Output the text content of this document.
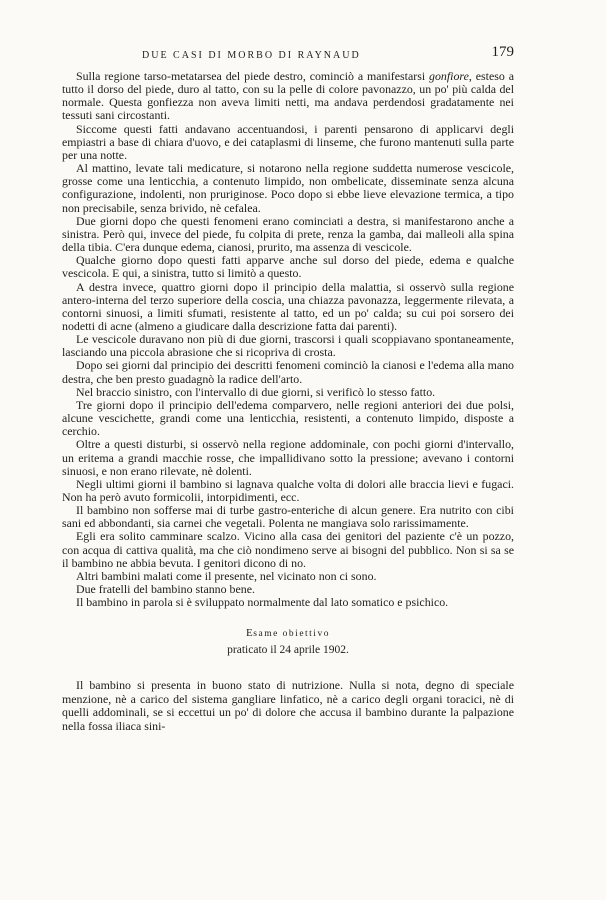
DUE CASI DI MORBO DI RAYNAUD	179

Sulla regione tarso-metatarsea del piede destro, cominciò a manifestarsi gonfiore, esteso a tutto il dorso del piede, duro al tatto, con su la pelle di colore pavonazzo, un po' più calda del normale. Questa gonfiezza non aveva limiti netti, ma andava perdendosi gradatamente nei tessuti sani circostanti.

Siccome questi fatti andavano accentuandosi, i parenti pensarono di applicarvi degli empiastri a base di chiara d'uovo, e dei cataplasmi di linseme, che furono mantenuti sulla parte per una notte.

Al mattino, levate tali medicature, si notarono nella regione suddetta numerose vescicole, grosse come una lenticchia, a contenuto limpido, non ombelicate, disseminate senza alcuna configurazione, indolenti, non pruriginose. Poco dopo si ebbe lieve elevazione termica, a tipo non precisabile, senza brivido, nè cefalea.

Due giorni dopo che questi fenomeni erano cominciati a destra, si manifestarono anche a sinistra. Però qui, invece del piede, fu colpita di prete, renza la gamba, dai malleoli alla spina della tibia. C'era dunque edema, cianosi, prurito, ma assenza di vescicole.

Qualche giorno dopo questi fatti apparve anche sul dorso del piede, edema e qualche vescicola. E qui, a sinistra, tutto si limitò a questo.

A destra invece, quattro giorni dopo il principio della malattia, si osservò sulla regione antero-interna del terzo superiore della coscia, una chiazza pavonazza, leggermente rilevata, a contorni sinuosi, a limiti sfumati, resistente al tatto, ed un po' calda; su cui poi sorsero dei nodetti di acne (almeno a giudicare dalla descrizione fatta dai parenti).

Le vescicole duravano non più di due giorni, trascorsi i quali scoppiavano spontaneamente, lasciando una piccola abrasione che si ricopriva di crosta.

Dopo sei giorni dal principio dei descritti fenomeni cominciò la cianosi e l'edema alla mano destra, che ben presto guadagnò la radice dell'arto.

Nel braccio sinistro, con l'intervallo di due giorni, si verificò lo stesso fatto.

Tre giorni dopo il principio dell'edema comparvero, nelle regioni anteriori dei due polsi, alcune vescichette, grandi come una lenticchia, resistenti, a contenuto limpido, disposte a cerchio.

Oltre a questi disturbi, si osservò nella regione addominale, con pochi giorni d'intervallo, un eritema a grandi macchie rosse, che impallidivano sotto la pressione; avevano i contorni sinuosi, e non erano rilevate, nè dolenti.

Negli ultimi giorni il bambino si lagnava qualche volta di dolori alle braccia lievi e fugaci. Non ha però avuto formicolii, intorpidimenti, ecc.

Il bambino non sofferse mai di turbe gastro-enteriche di alcun genere. Era nutrito con cibi sani ed abbondanti, sia carnei che vegetali. Polenta ne mangiava solo rarissimamente.

Egli era solito camminare scalzo. Vicino alla casa dei genitori del paziente c'è un pozzo, con acqua di cattiva qualità, ma che ciò nondimeno serve ai bisogni del pubblico. Non si sa se il bambino ne abbia bevuta. I genitori dicono di no.

Altri bambini malati come il presente, nel vicinato non ci sono.

Due fratelli del bambino stanno bene.

Il bambino in parola si è sviluppato normalmente dal lato somatico e psichico.

Esame obiettivo
praticato il 24 aprile 1902.

Il bambino si presenta in buono stato di nutrizione. Nulla si nota, degno di speciale menzione, nè a carico del sistema gangliare linfatico, nè a carico degli organi toracici, nè di quelli addominali, se si eccettui un po' di dolore che accusa il bambino durante la palpazione nella fossa iliaca sini-
